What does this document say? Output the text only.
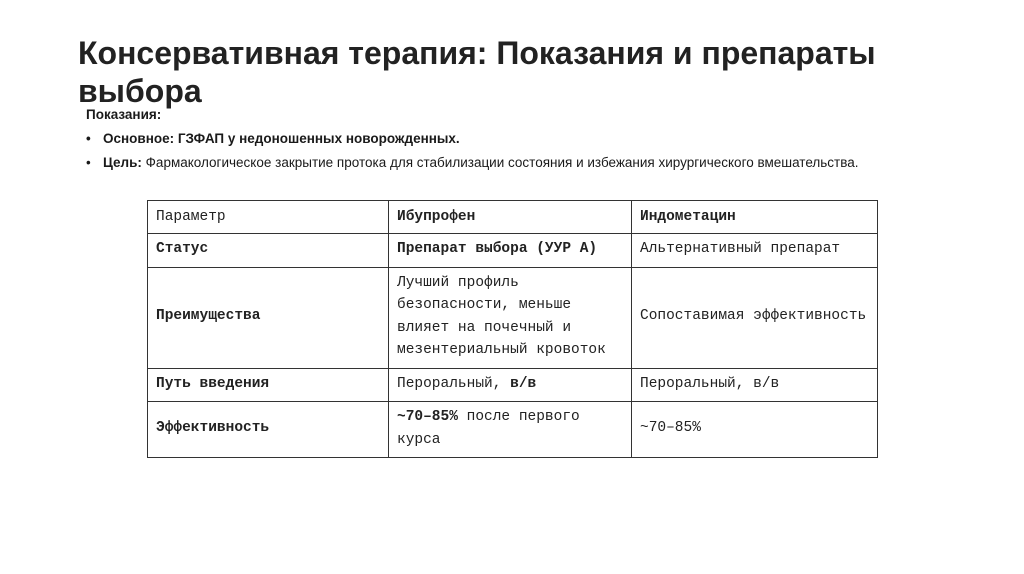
Консервативная терапия: Показания и препараты выбора
Показания:
• Основное: ГЗФАП у недоношенных новорожденных.
• Цель: Фармакологическое закрытие протока для стабилизации состояния и избежания хирургического вмешательства.
Параметр	Ибупрофен	Индометацин
Статус	Препарат выбора (УУР А)	Альтернативный препарат
Преимущества	Лучший профиль безопасности, меньше влияет на почечный и мезентериальный кровоток	Сопоставимая эффективность
Путь введения	Пероральный, в/в	Пероральный, в/в
Эффективность	~70–85% после первого курса	~70–85%
